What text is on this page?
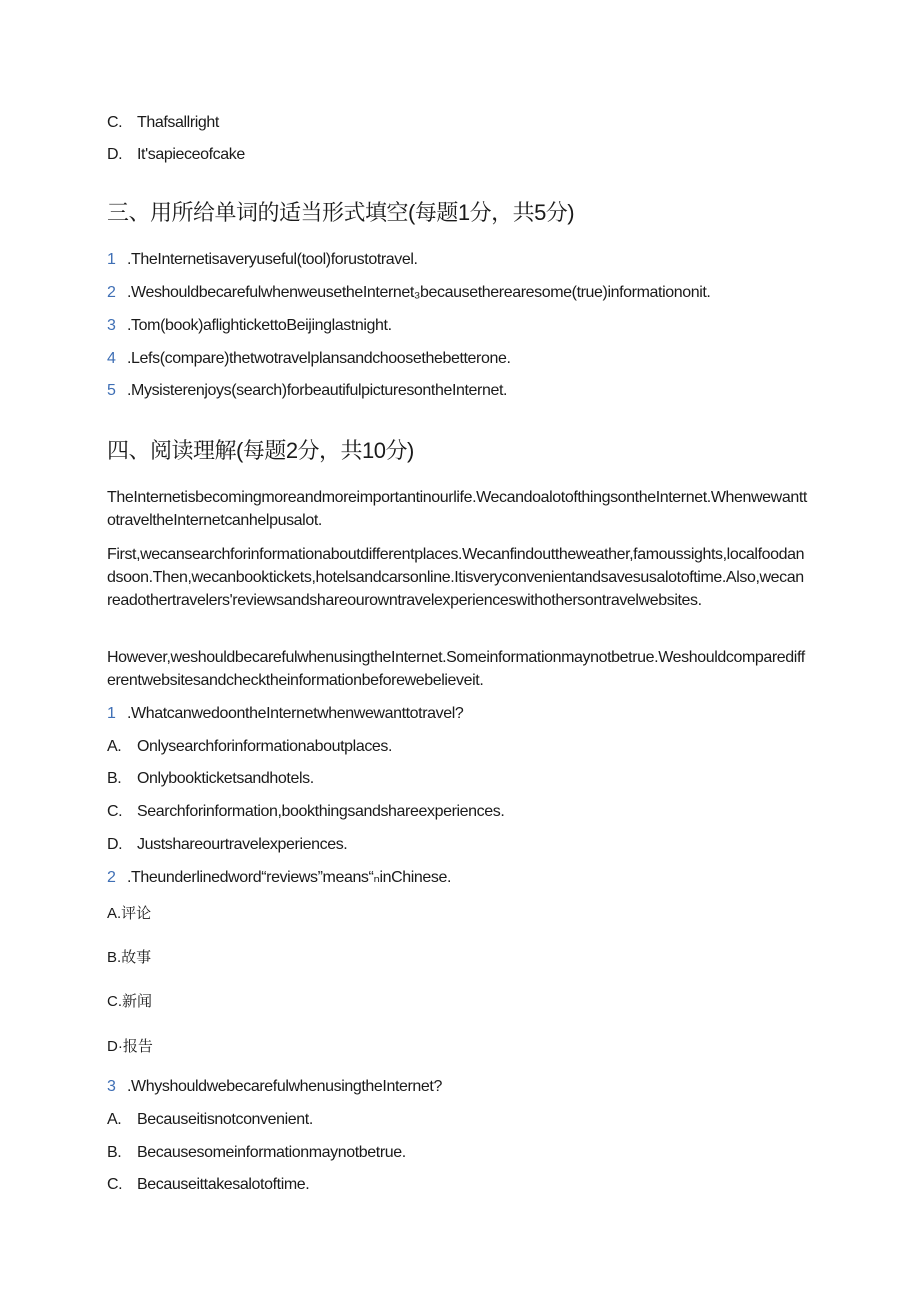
C. Thafsallright
D. It'sapieceofcake
三、用所给单词的适当形式填空(每题1分，共5分)
1 .TheInternetisaveryuseful(tool)forustotravel.
2 .WeshouldbecarefulwhenweusetheInternet₃becausetherearesome(true)informationonit.
3 .Tom(book)aflightickettoBeijinglastnight.
4 .Lefs(compare)thetwotravelplansandchoosethebetterone.
5 .Mysisterenjoys(search)forbeautifulpicturesontheInternet.
四、阅读理解(每题2分，共10分)
TheInternetisbecomingmoreandmoreimportantinourlife.WecandoalotofthingsontheInternet.WhenwewanttotraveltheInternetcanhelpusalot.
First,wecansearchforinformationaboutdifferentplaces.Wecanfindouttheweather,famoussights,localfoodandsoon.Then,wecanbooktickets,hotelsandcarsonline.Itisveryconvenientandsavesusalotoftime.Also,wecanreadothertravelers'reviewsandshareourowntravelexperienceswithothersontravelwebsites.
However,weshouldbecarefulwhenusingtheInternet.Someinformationmaynotbetrue.Weshouldcomparedifferentwebsitesandchecktheinformationbeforewebelieveit.
1 .WhatcanwedoontheInternetwhenwewanttotravel?
A. Onlysearchforinformationaboutplaces.
B. Onlybookticketsandhotels.
C. Searchforinformation,bookthingsandshareexperiences.
D. Justshareourtravelexperiences.
2 .Theunderlinedword“reviews”means“ₙinChinese.
A.评论
B.故事
C.新闻
D·报告
3 .WhyshouldwebecarefulwhenusingtheInternet?
A. Becauseitisnotconvenient.
B. Becausesomeinformationmaynotbetrue.
C. Becauseittakesalotoftime.
